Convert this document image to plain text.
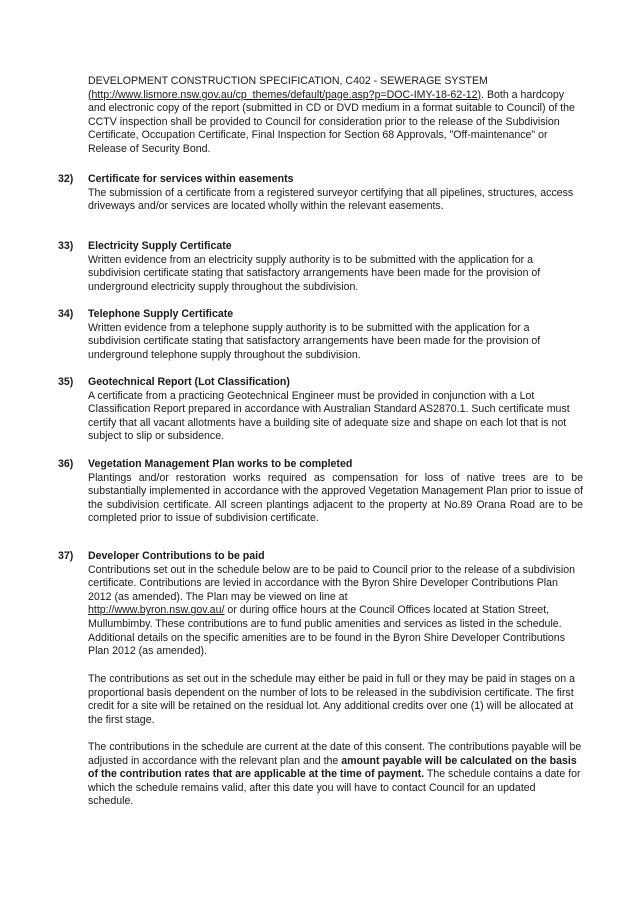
DEVELOPMENT CONSTRUCTION SPECIFICATION, C402 - SEWERAGE SYSTEM
(http://www.lismore.nsw.gov.au/cp_themes/default/page.asp?p=DOC-IMY-18-62-12). Both a hardcopy and electronic copy of the report (submitted in CD or DVD medium in a format suitable to Council) of the CCTV inspection shall be provided to Council for consideration prior to the release of the Subdivision Certificate, Occupation Certificate, Final Inspection for Section 68 Approvals, "Off-maintenance" or Release of Security Bond.
32) Certificate for services within easements
The submission of a certificate from a registered surveyor certifying that all pipelines, structures, access driveways and/or services are located wholly within the relevant easements.
33) Electricity Supply Certificate
Written evidence from an electricity supply authority is to be submitted with the application for a subdivision certificate stating that satisfactory arrangements have been made for the provision of underground electricity supply throughout the subdivision.
34) Telephone Supply Certificate
Written evidence from a telephone supply authority is to be submitted with the application for a subdivision certificate stating that satisfactory arrangements have been made for the provision of underground telephone supply throughout the subdivision.
35) Geotechnical Report (Lot Classification)
A certificate from a practicing Geotechnical Engineer must be provided in conjunction with a Lot Classification Report prepared in accordance with Australian Standard AS2870.1. Such certificate must certify that all vacant allotments have a building site of adequate size and shape on each lot that is not subject to slip or subsidence.
36) Vegetation Management Plan works to be completed
Plantings and/or restoration works required as compensation for loss of native trees are to be substantially implemented in accordance with the approved Vegetation Management Plan prior to issue of the subdivision certificate. All screen plantings adjacent to the property at No.89 Orana Road are to be completed prior to issue of subdivision certificate.
37) Developer Contributions to be paid
Contributions set out in the schedule below are to be paid to Council prior to the release of a subdivision certificate. Contributions are levied in accordance with the Byron Shire Developer Contributions Plan 2012 (as amended). The Plan may be viewed on line at
http://www.byron.nsw.gov.au/ or during office hours at the Council Offices located at Station Street, Mullumbimby. These contributions are to fund public amenities and services as listed in the schedule. Additional details on the specific amenities are to be found in the Byron Shire Developer Contributions Plan 2012 (as amended).
The contributions as set out in the schedule may either be paid in full or they may be paid in stages on a proportional basis dependent on the number of lots to be released in the subdivision certificate. The first credit for a site will be retained on the residual lot. Any additional credits over one (1) will be allocated at the first stage.
The contributions in the schedule are current at the date of this consent. The contributions payable will be adjusted in accordance with the relevant plan and the amount payable will be calculated on the basis of the contribution rates that are applicable at the time of payment. The schedule contains a date for which the schedule remains valid, after this date you will have to contact Council for an updated schedule.
